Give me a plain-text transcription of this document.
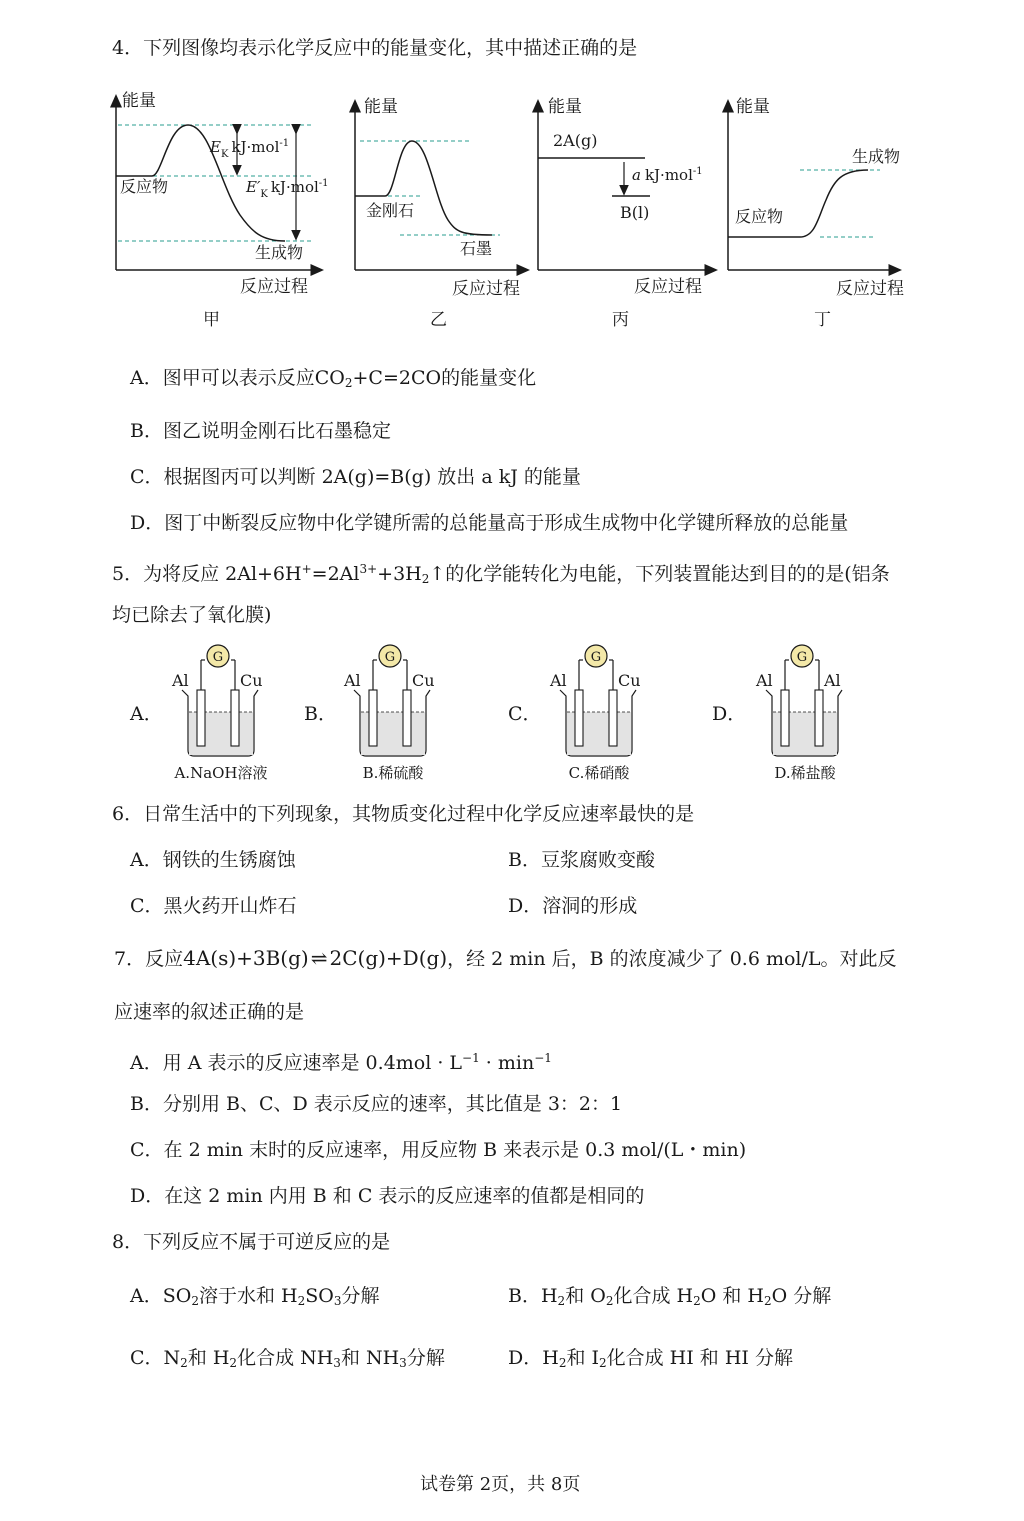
4．下列图像均表示化学反应中的能量变化，其中描述正确的是
能量
反应过程
反应物
生成物
$E_K$ kJ·mol$^{-1}$
$E'_K$ kJ·mol$^{-1}$
甲
能量
反应过程
金刚石
石墨
乙
能量
反应过程
2A(g)
B(l)
a kJ·mol$^{-1}$
丙
能量
反应过程
生成物
反应物
丁
A．图甲可以表示反应$CO_2+C=2CO$的能量变化
B．图乙说明金刚石比石墨稳定
C．根据图丙可以判断 2A(g)=B(g) 放出 a kJ 的能量
D．图丁中断裂反应物中化学键所需的总能量高于形成生成物中化学键所释放的总能量
5．为将反应 $2Al+6H^+=2Al^{3+}+3H_2↑$的化学能转化为电能，下列装置能达到目的的是(铝条
均已除去了氧化膜)
A．
G
Al	Cu
A.NaOH溶液
B．
G
Al	Cu
B.稀硫酸
C．
G
Al	Cu
C.稀硝酸
D．
G
Al	Al
D.稀盐酸
6．日常生活中的下列现象，其物质变化过程中化学反应速率最快的是
A．钢铁的生锈腐蚀	B．豆浆腐败变酸
C．黑火药开山炸石	D．溶洞的形成
7．反应4A(s)+3B(g) ⇌ 2C(g)+D(g)，经 2 min 后，B 的浓度减少了 0.6 mol/L。对此反
应速率的叙述正确的是
A．用 A 表示的反应速率是 $0.4mol \cdot L^{-1} \cdot \min^{-1}$
B．分别用 B、C、D 表示反应的速率，其比值是 3：2：1
C．在 2 min 末时的反应速率，用反应物 B 来表示是 0.3 mol/(L・min)
D．在这 2 min 内用 B 和 C 表示的反应速率的值都是相同的
8．下列反应不属于可逆反应的是
A．$SO_2$溶于水和 $H_2SO_3$分解	B．$H_2$和 $O_2$化合成 $H_2O$ 和 $H_2O$ 分解
C．$N_2$和 $H_2$化合成 $NH_3$和 $NH_3$分解	D．$H_2$和 $I_2$化合成 HI 和 HI 分解
试卷第 2页，共 8页
